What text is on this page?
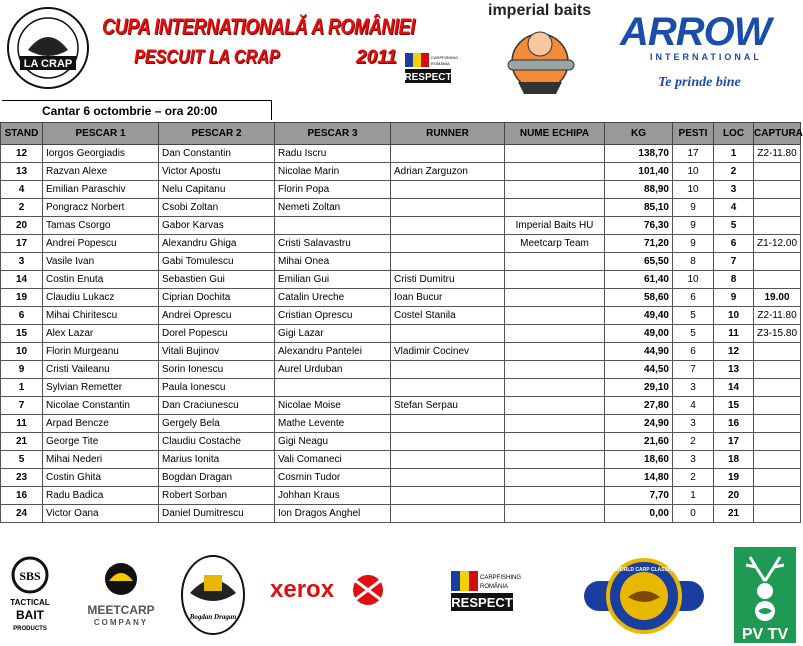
LA CRAP
CUPA INTERNATIONALĂ A ROMÂNIEI
PESCUIT LA CRAP	2011	CARPFISHING
ROMÂNIA
RESPECT
imperial baits ARROW
INTERNATIONAL
Te prinde bine
Cantar 6 octombrie – ora 20:00
STAND	PESCAR 1	PESCAR 2	PESCAR 3	RUNNER	NUME ECHIPA	KG	PESTI	LOC	CAPTURA
12	Iorgos Georgiadis	Dan Constantin	Radu Iscru			138,70	17	1	Z2-11.80
13	Razvan Alexe	Victor Apostu	Nicolae Marin	Adrian Zarguzon		101,40	10	2	
4	Emilian Paraschiv	Nelu Capitanu	Florin Popa			88,90	10	3	
2	Pongracz Norbert	Csobi Zoltan	Nemeti Zoltan			85,10	9	4	
20	Tamas Csorgo	Gabor Karvas			Imperial Baits HU	76,30	9	5	
17	Andrei Popescu	Alexandru Ghiga	Cristi Salavastru		Meetcarp Team	71,20	9	6	Z1-12.00
3	Vasile Ivan	Gabi Tomulescu	Mihai Onea			65,50	8	7	
14	Costin Enuta	Sebastien Gui	Emilian Gui	Cristi Dumitru		61,40	10	8	
19	Claudiu Lukacz	Ciprian Dochita	Catalin Ureche	Ioan Bucur		58,60	6	9	19.00
6	Mihai Chiritescu	Andrei Oprescu	Cristian Oprescu	Costel Stanila		49,40	5	10	Z2-11.80
15	Alex Lazar	Dorel Popescu	Gigi Lazar			49,00	5	11	Z3-15.80
10	Florin Murgeanu	Vitali Bujinov	Alexandru Pantelei	Vladimir Cocinev		44,90	6	12	
9	Cristi Vaileanu	Sorin Ionescu	Aurel Urduban			44,50	7	13	
1	Sylvian Remetter	Paula Ionescu				29,10	3	14	
7	Nicolae Constantin	Dan Craciunescu	Nicolae Moise	Stefan Serpau		27,80	4	15	
11	Arpad Bencze	Gergely Bela	Mathe Levente			24,90	3	16	
21	George Tite	Claudiu Costache	Gigi Neagu			21,60	2	17	
5	Mihai Nederi	Marius Ionita	Vali Comaneci			18,60	3	18	
23	Costin Ghita	Bogdan Dragan	Cosmin Tudor			14,80	2	19	
16	Radu Badica	Robert Sorban	Johhan Kraus			7,70	1	20	
24	Victor Oana	Daniel Dumitrescu	Ion Dragos Anghel			0,00	0	21	
SBS
TACTICAL
BAIT
PRODUCTS
MEETCARP
COMPANY
Bogdan Dragan
xerox	CARPFISHING
ROMÂNIA
RESPECT
WORLD CARP CLASSIC
PV TV
